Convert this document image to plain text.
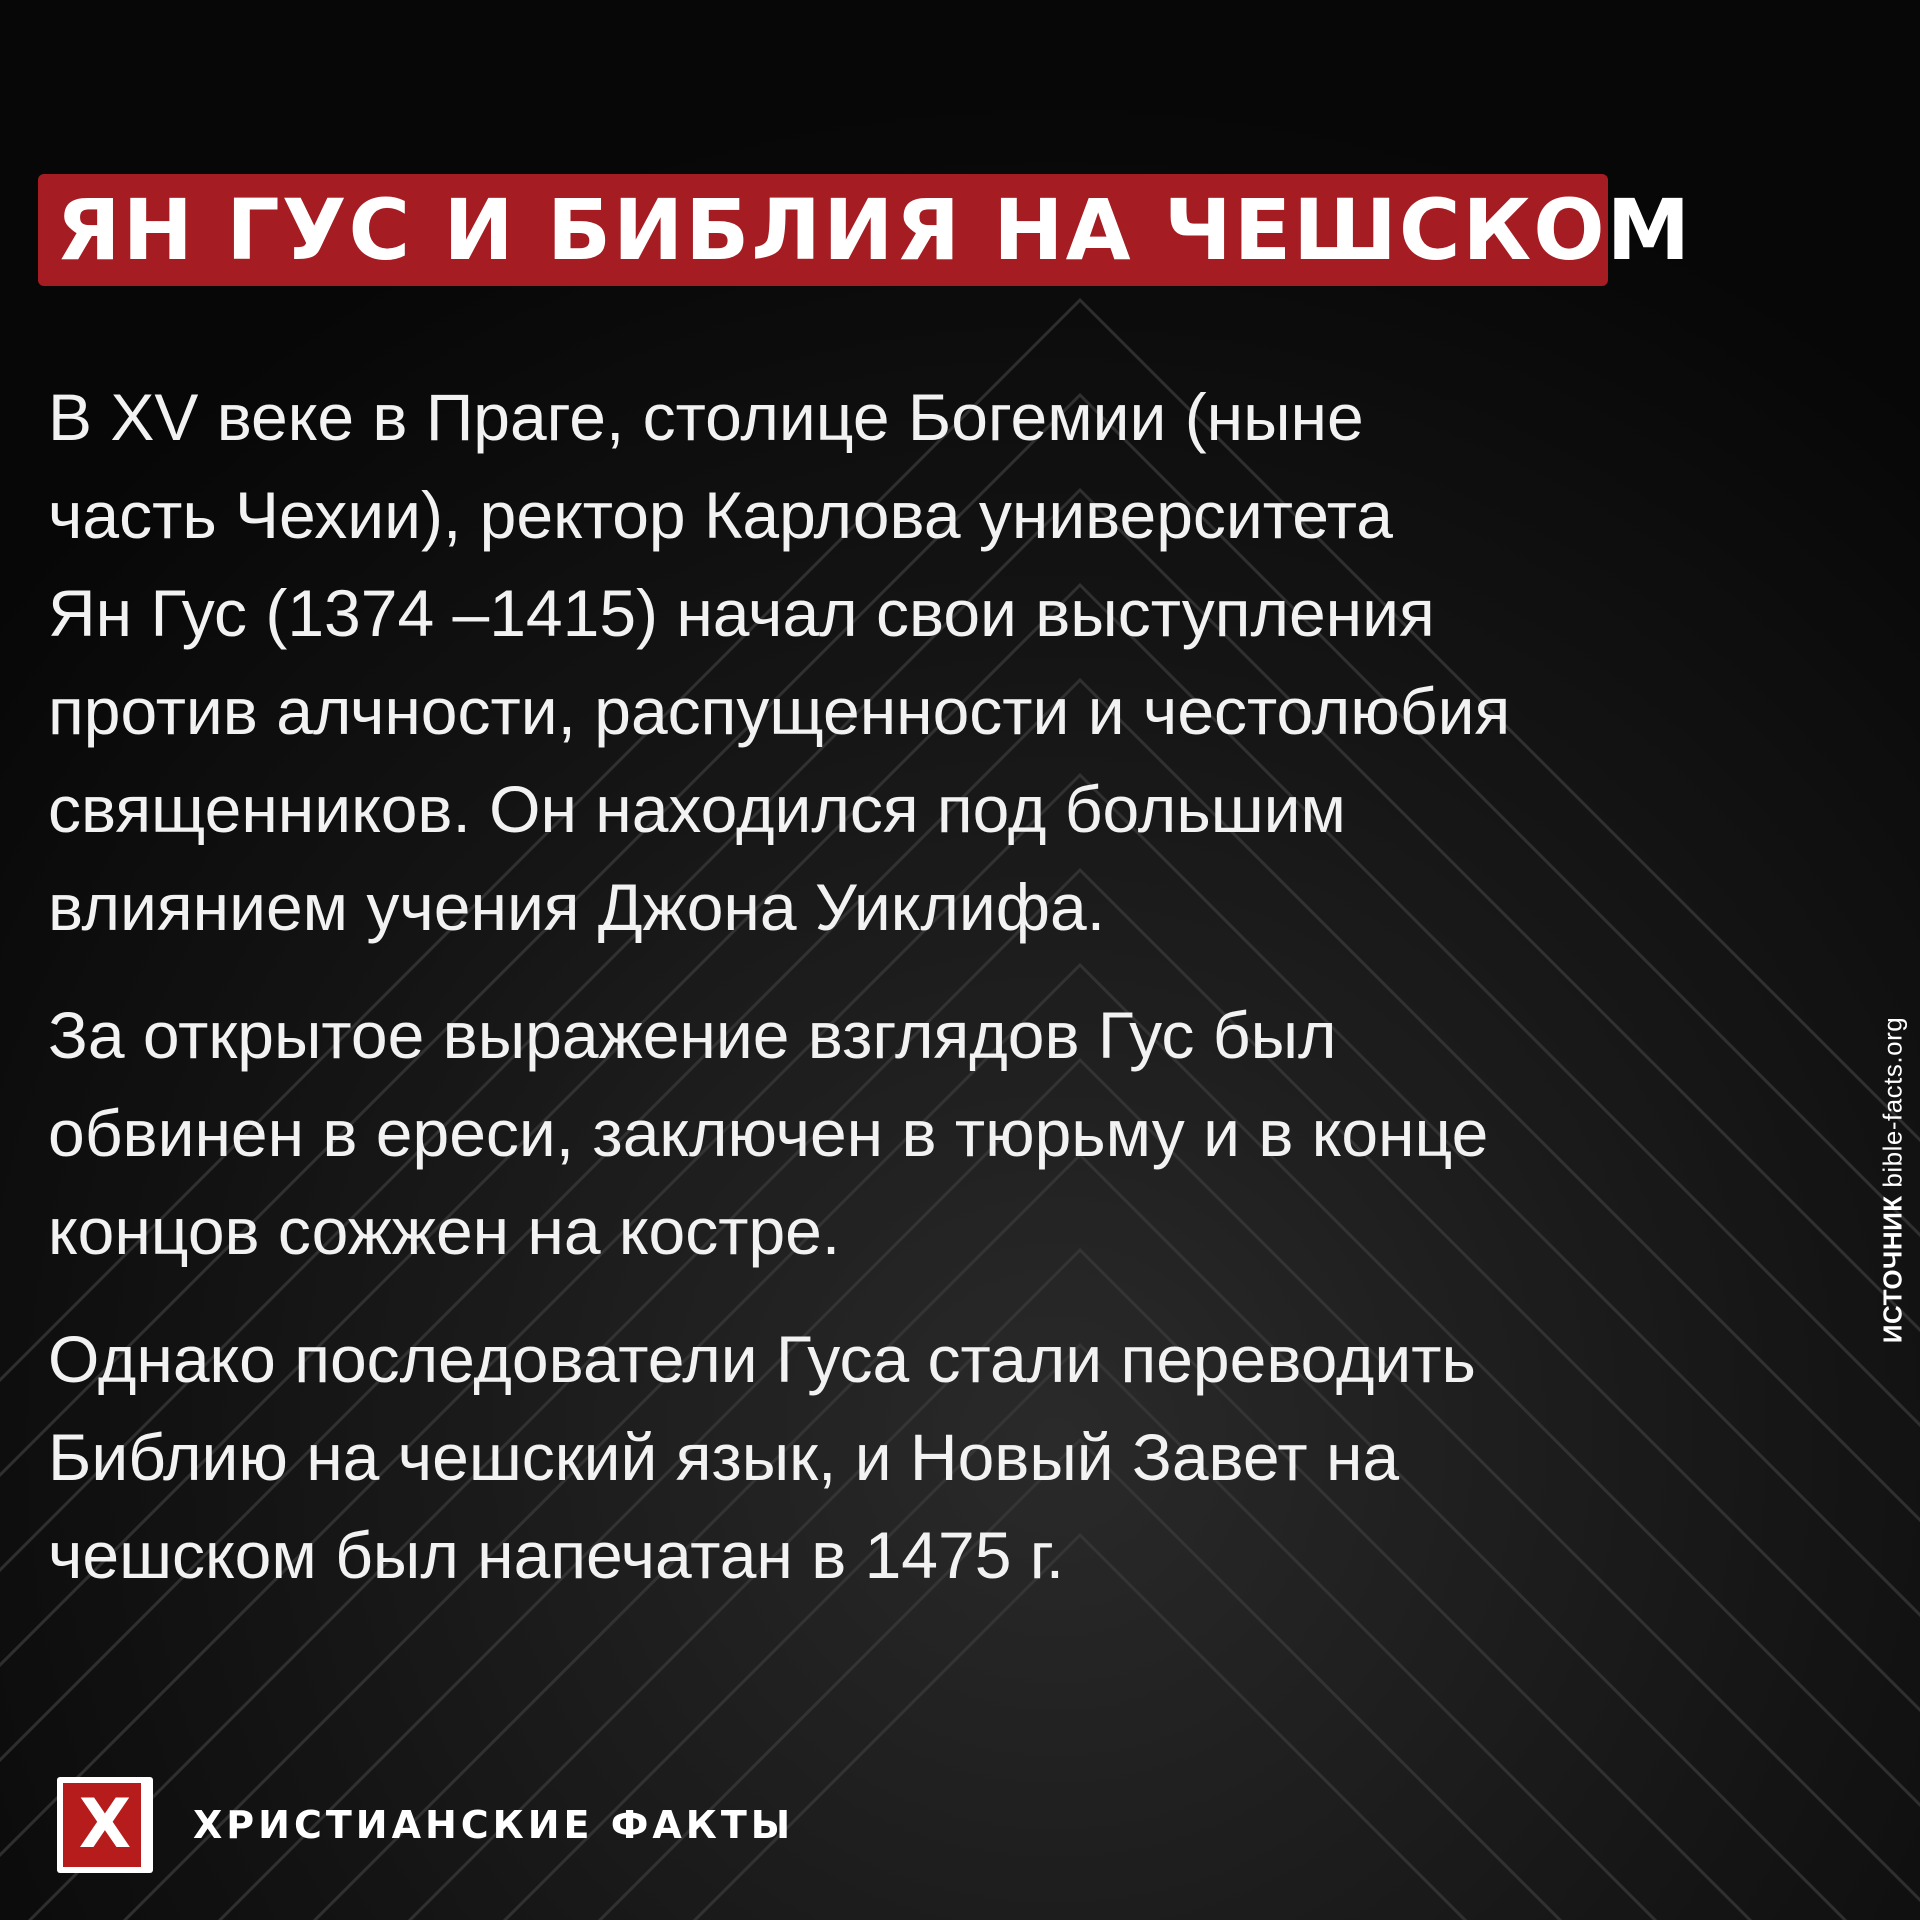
ЯН ГУС И БИБЛИЯ НА ЧЕШСКОМ

В XV веке в Праге, столице Богемии (ныне
часть Чехии), ректор Карлова университета
Ян Гус (1374 –1415) начал свои выступления
против алчности, распущенности и честолюбия
священников. Он находился под большим
влиянием учения Джона Уиклифа.

За открытое выражение взглядов Гус был
обвинен в ереси, заключен в тюрьму и в конце
концов сожжен на костре.

Однако последователи Гуса стали переводить
Библию на чешский язык, и Новый Завет на
чешском был напечатан в 1475 г.

ИСТОЧНИК bible-facts.org
X	ХРИСТИАНСКИЕ ФАКТЫ
